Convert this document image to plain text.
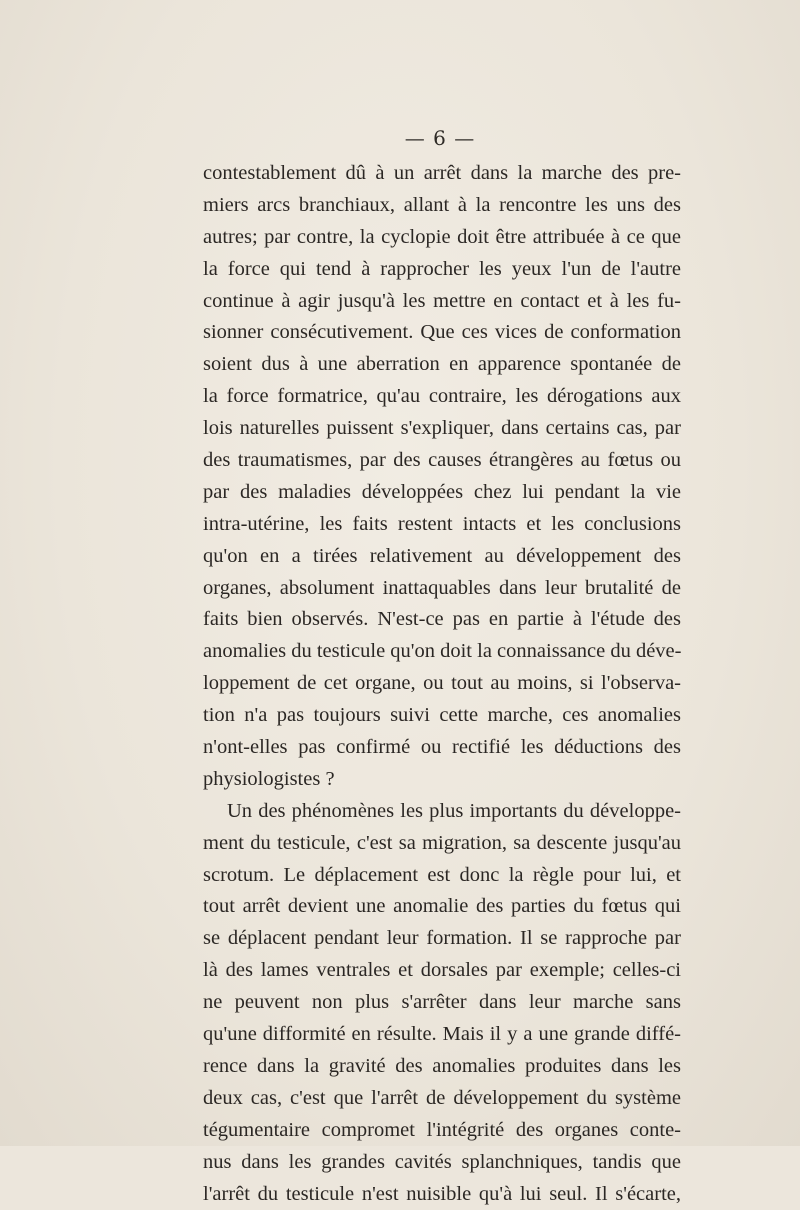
— 6 —
contestablement dû à un arrêt dans la marche des pre-
miers arcs branchiaux, allant à la rencontre les uns des
autres; par contre, la cyclopie doit être attribuée à ce que
la force qui tend à rapprocher les yeux l'un de l'autre
continue à agir jusqu'à les mettre en contact et à les fu-
sionner consécutivement. Que ces vices de conformation
soient dus à une aberration en apparence spontanée de
la force formatrice, qu'au contraire, les dérogations aux
lois naturelles puissent s'expliquer, dans certains cas, par
des traumatismes, par des causes étrangères au fœtus ou
par des maladies développées chez lui pendant la vie
intra-utérine, les faits restent intacts et les conclusions
qu'on en a tirées relativement au développement des
organes, absolument inattaquables dans leur brutalité de
faits bien observés. N'est-ce pas en partie à l'étude des
anomalies du testicule qu'on doit la connaissance du déve-
loppement de cet organe, ou tout au moins, si l'observa-
tion n'a pas toujours suivi cette marche, ces anomalies
n'ont-elles pas confirmé ou rectifié les déductions des
physiologistes ?
Un des phénomènes les plus importants du développe-
ment du testicule, c'est sa migration, sa descente jusqu'au
scrotum. Le déplacement est donc la règle pour lui, et
tout arrêt devient une anomalie des parties du fœtus qui
se déplacent pendant leur formation. Il se rapproche par
là des lames ventrales et dorsales par exemple; celles-ci
ne peuvent non plus s'arrêter dans leur marche sans
qu'une difformité en résulte. Mais il y a une grande diffé-
rence dans la gravité des anomalies produites dans les
deux cas, c'est que l'arrêt de développement du système
tégumentaire compromet l'intégrité des organes conte-
nus dans les grandes cavités splanchniques, tandis que
l'arrêt du testicule n'est nuisible qu'à lui seul. Il s'écarte,
